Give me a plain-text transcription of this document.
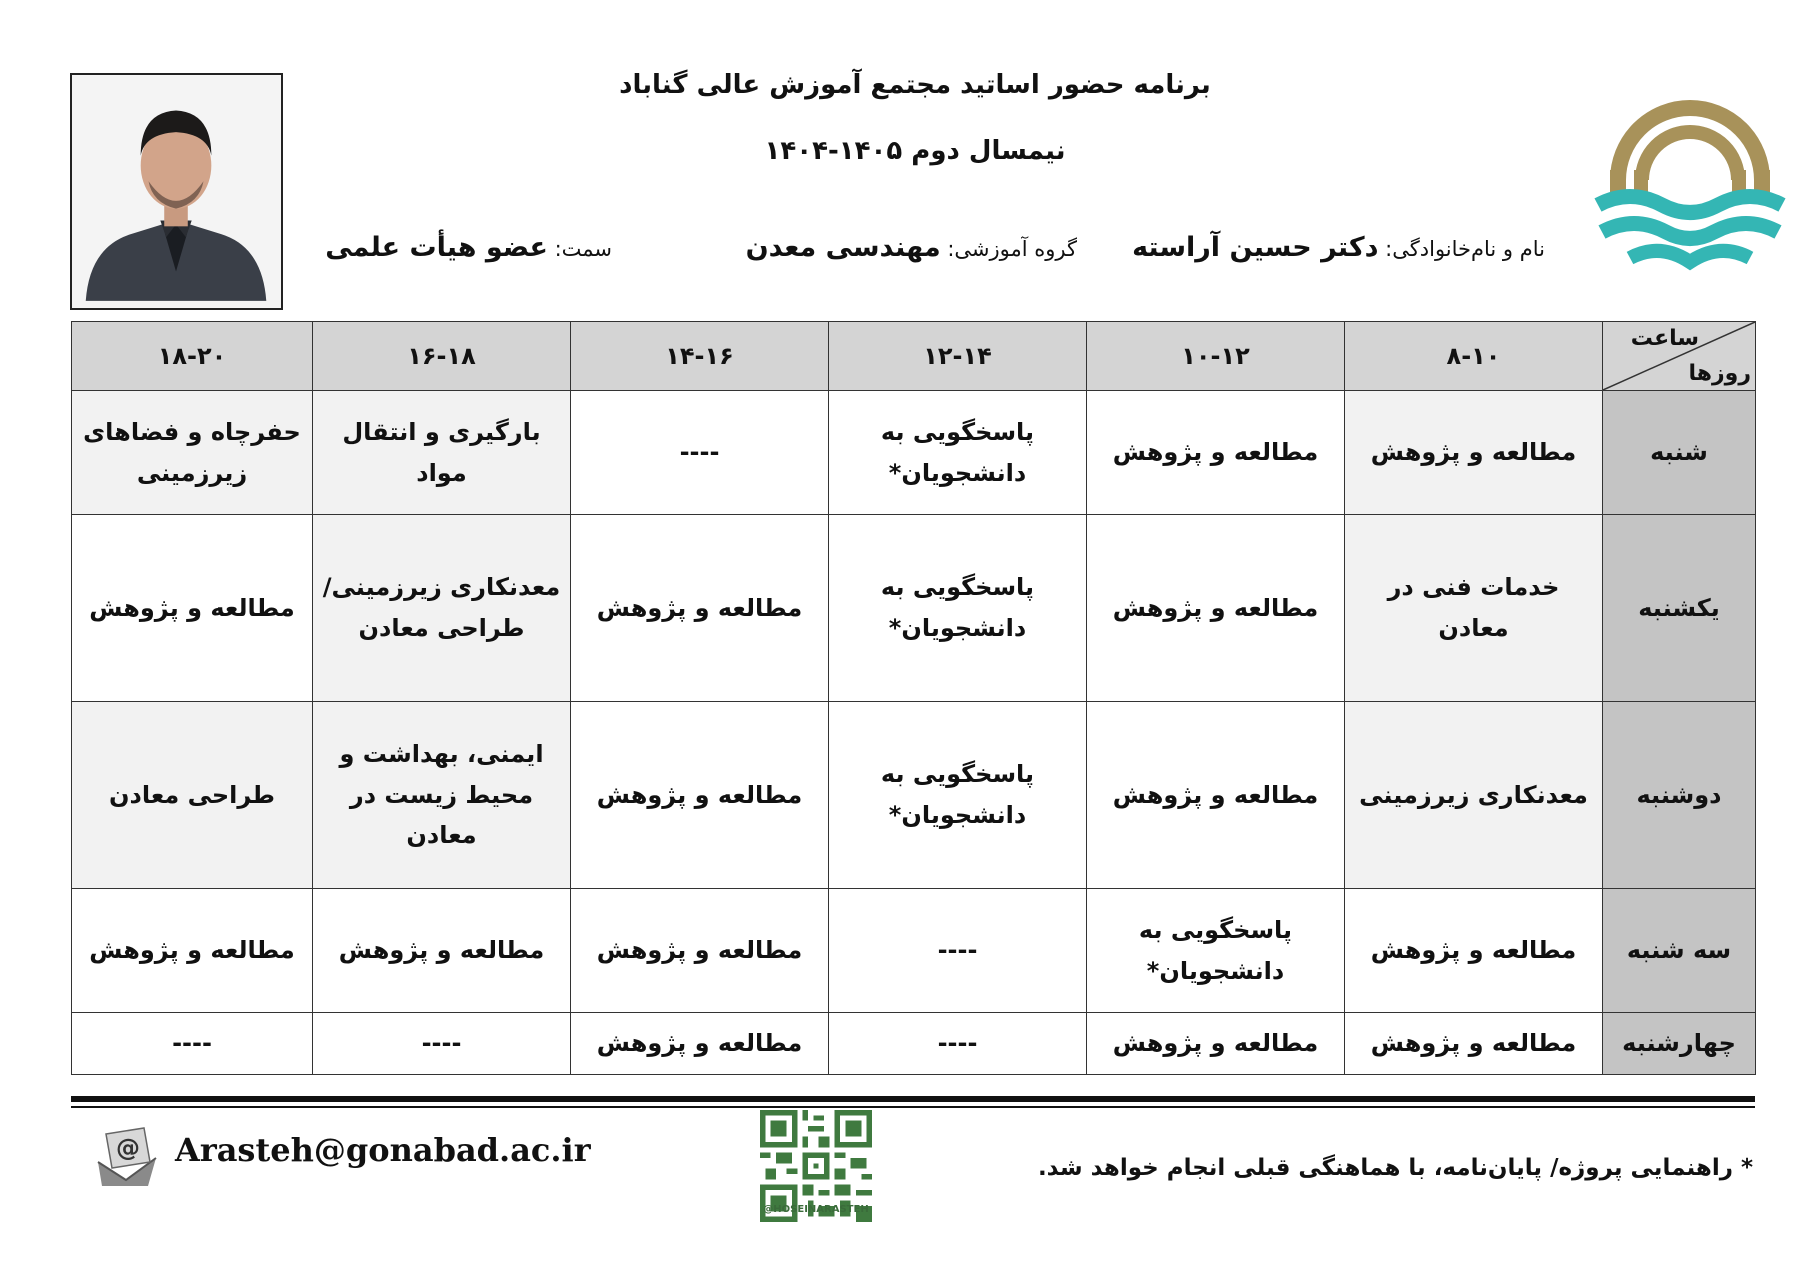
برنامه حضور اساتید مجتمع آموزش عالی گناباد
نیمسال دوم ۱۴۰۵-۱۴۰۴
نام و نام‌خانوادگی: دکتر حسین آراسته
گروه آموزشی: مهندسی معدن
سمت: عضو هیأت علمی
ساعت
روزها	۸-۱۰	۱۰-۱۲	۱۲-۱۴	۱۴-۱۶	۱۶-۱۸	۱۸-۲۰
شنبه	مطالعه و پژوهش	مطالعه و پژوهش	پاسخگویی به دانشجویان*	----	بارگیری و انتقال مواد	حفرچاه و فضاهای زیرزمینی
یکشنبه	خدمات فنی در معادن	مطالعه و پژوهش	پاسخگویی به دانشجویان*	مطالعه و پژوهش	معدنکاری زیرزمینی/طراحی معادن	مطالعه و پژوهش
دوشنبه	معدنکاری زیرزمینی	مطالعه و پژوهش	پاسخگویی به دانشجویان*	مطالعه و پژوهش	ایمنی، بهداشت و محیط زیست در معادن	طراحی معادن
سه شنبه	مطالعه و پژوهش	پاسخگویی به دانشجویان*	----	مطالعه و پژوهش	مطالعه و پژوهش	مطالعه و پژوهش
چهارشنبه	مطالعه و پژوهش	مطالعه و پژوهش	----	مطالعه و پژوهش	----	----
@ Arasteh@gonabad.ac.ir
@HOSEINARASTEH
* راهنمایی پروژه/ پایان‌نامه، با هماهنگی قبلی انجام خواهد شد.
